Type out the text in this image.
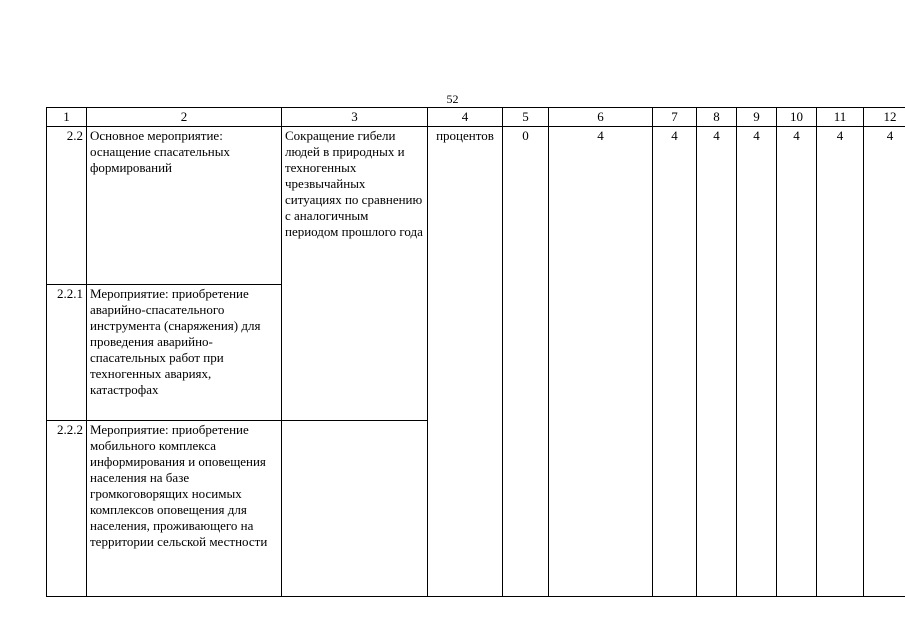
52
1	2	3	4	5	6	7	8	9	10	11	12
2.2	Основное мероприятие: оснащение спасательных формирований	Сокращение гибели людей в природных и техногенных чрезвычайных ситуациях по сравнению с аналогичным периодом прошлого года	процентов	0	4	4	4	4	4	4	4
2.2.1	Мероприятие: приобретение аварийно-спасательного инструмента (снаряжения) для проведения аварийно-спасательных работ при техногенных авариях, катастрофах										
2.2.2	Мероприятие: приобретение мобильного комплекса информирования и оповещения населения на базе громкоговорящих носимых комплексов оповещения для населения, проживающего на территории сельской местности										
